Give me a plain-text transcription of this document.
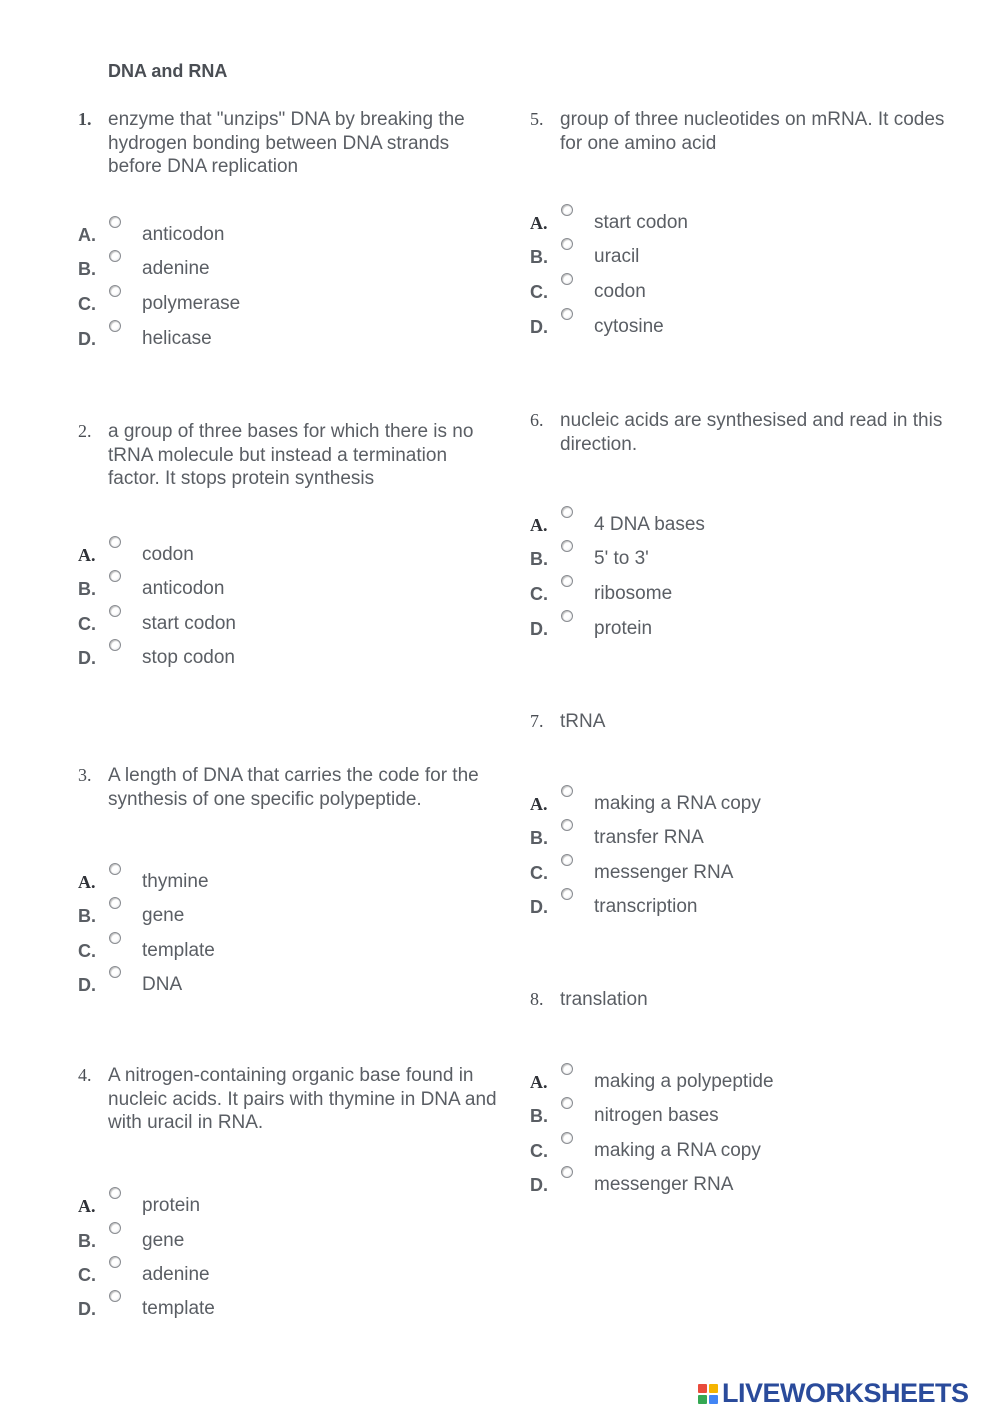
DNA and RNA
1. enzyme that "unzips" DNA by breaking the hydrogen bonding between DNA strands before DNA replication
A. anticodon
B. adenine
C. polymerase
D. helicase
2. a group of three bases for which there is no tRNA molecule but instead a termination factor. It stops protein synthesis
A. codon
B. anticodon
C. start codon
D. stop codon
3. A length of DNA that carries the code for the synthesis of one specific polypeptide.
A. thymine
B. gene
C. template
D. DNA
4. A nitrogen-containing organic base found in nucleic acids. It pairs with thymine in DNA and with uracil in RNA.
A. protein
B. gene
C. adenine
D. template
5. group of three nucleotides on mRNA. It codes for one amino acid
A. start codon
B. uracil
C. codon
D. cytosine
6. nucleic acids are synthesised and read in this direction.
A. 4 DNA bases
B. 5' to 3'
C. ribosome
D. protein
7. tRNA
A. making a RNA copy
B. transfer RNA
C. messenger RNA
D. transcription
8. translation
A. making a polypeptide
B. nitrogen bases
C. making a RNA copy
D. messenger RNA
LIVEWORKSHEETS
